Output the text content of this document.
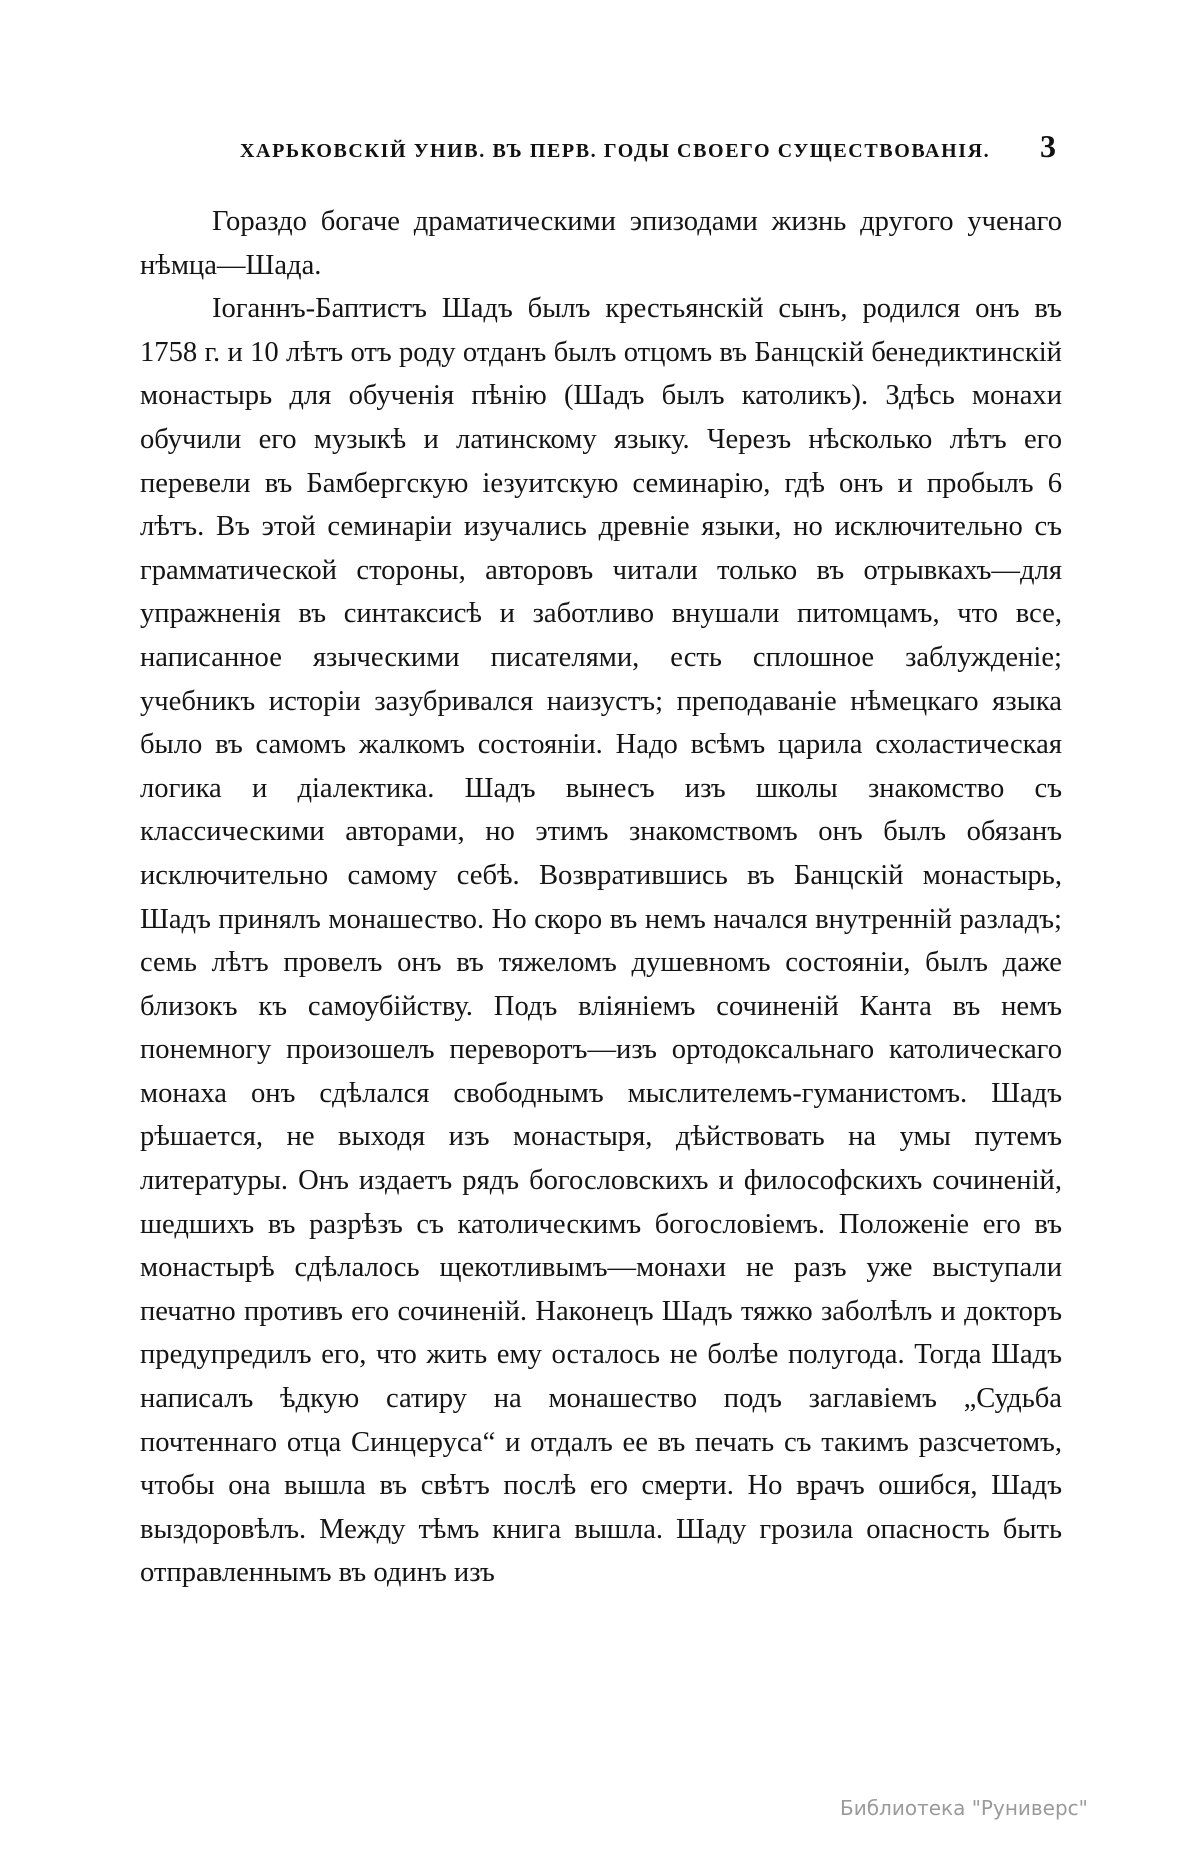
ХАРЬКОВСКІЙ УНИВ. ВЪ ПЕРВ. ГОДЫ СВОЕГО СУЩЕСТВОВАНІЯ. 3

Гораздо богаче драматическими эпизодами жизнь другого ученаго нѣмца—Шада.

Іоганнъ-Баптистъ Шадъ былъ крестьянскій сынъ, родился онъ въ 1758 г. и 10 лѣтъ отъ роду отданъ былъ отцомъ въ Банцскій бенедиктинскій монастырь для обученія пѣнію (Шадъ былъ католикъ). Здѣсь монахи обучили его музыкѣ и латинскому языку. Черезъ нѣсколько лѣтъ его перевели въ Бамбергскую іезуитскую семинарію, гдѣ онъ и пробылъ 6 лѣтъ. Въ этой семинаріи изучались древніе языки, но исключительно съ грамматической стороны, авторовъ читали только въ отрывкахъ—для упражненія въ синтаксисѣ и заботливо внушали питомцамъ, что все, написанное языческими писателями, есть сплошное заблужденіе; учебникъ исторіи зазубривался наизустъ; преподаваніе нѣмецкаго языка было въ самомъ жалкомъ состояніи. Надо всѣмъ царила схоластическая логика и діалектика. Шадъ вынесъ изъ школы знакомство съ классическими авторами, но этимъ знакомствомъ онъ былъ обязанъ исключительно самому себѣ. Возвратившись въ Банцскій монастырь, Шадъ принялъ монашество. Но скоро въ немъ начался внутренній разладъ; семь лѣтъ провелъ онъ въ тяжеломъ душевномъ состояніи, былъ даже близокъ къ самоубійству. Подъ вліяніемъ сочиненій Канта въ немъ понемногу произошелъ переворотъ—изъ ортодоксальнаго католическаго монаха онъ сдѣлался свободнымъ мыслителемъ-гуманистомъ. Шадъ рѣшается, не выходя изъ монастыря, дѣйствовать на умы путемъ литературы. Онъ издаетъ рядъ богословскихъ и философскихъ сочиненій, шедшихъ въ разрѣзъ съ католическимъ богословіемъ. Положеніе его въ монастырѣ сдѣлалось щекотливымъ—монахи не разъ уже выступали печатно противъ его сочиненій. Наконецъ Шадъ тяжко заболѣлъ и докторъ предупредилъ его, что жить ему осталось не болѣе полугода. Тогда Шадъ написалъ ѣдкую сатиру на монашество подъ заглавіемъ „Судьба почтеннаго отца Синцеруса“ и отдалъ ее въ печать съ такимъ разсчетомъ, чтобы она вышла въ свѣтъ послѣ его смерти. Но врачъ ошибся, Шадъ выздоровѣлъ. Между тѣмъ книга вышла. Шаду грозила опасность быть отправленнымъ въ одинъ изъ

Библиотека "Руниверс"
